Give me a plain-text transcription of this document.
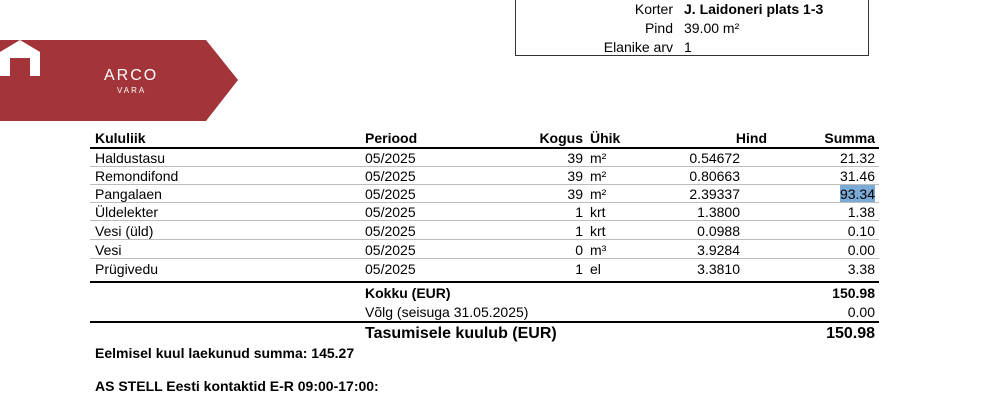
Korter J. Laidoneri plats 1-3
Pind 39.00 m²
Elanike arv 1
ARCO
VARA
Kululiik	Periood	Kogus Ühik	Hind	Summa
Haldustasu	05/2025	39 m²	0.54672	21.32
Remondifond	05/2025	39 m²	0.80663	31.46
Pangalaen	05/2025	39 m²	2.39337	93.34
Üldelekter	05/2025	1 krt	1.3800	1.38
Vesi (üld)	05/2025	1 krt	0.0988	0.10
Vesi	05/2025	0 m³	3.9284	0.00
Prügivedu	05/2025	1 el	3.3810	3.38
Kokku (EUR)	150.98
Võlg (seisuga 31.05.2025)	0.00
Tasumisele kuulub (EUR)	150.98
Eelmisel kuul laekunud summa: 145.27
AS STELL Eesti kontaktid E-R 09:00-17:00:
